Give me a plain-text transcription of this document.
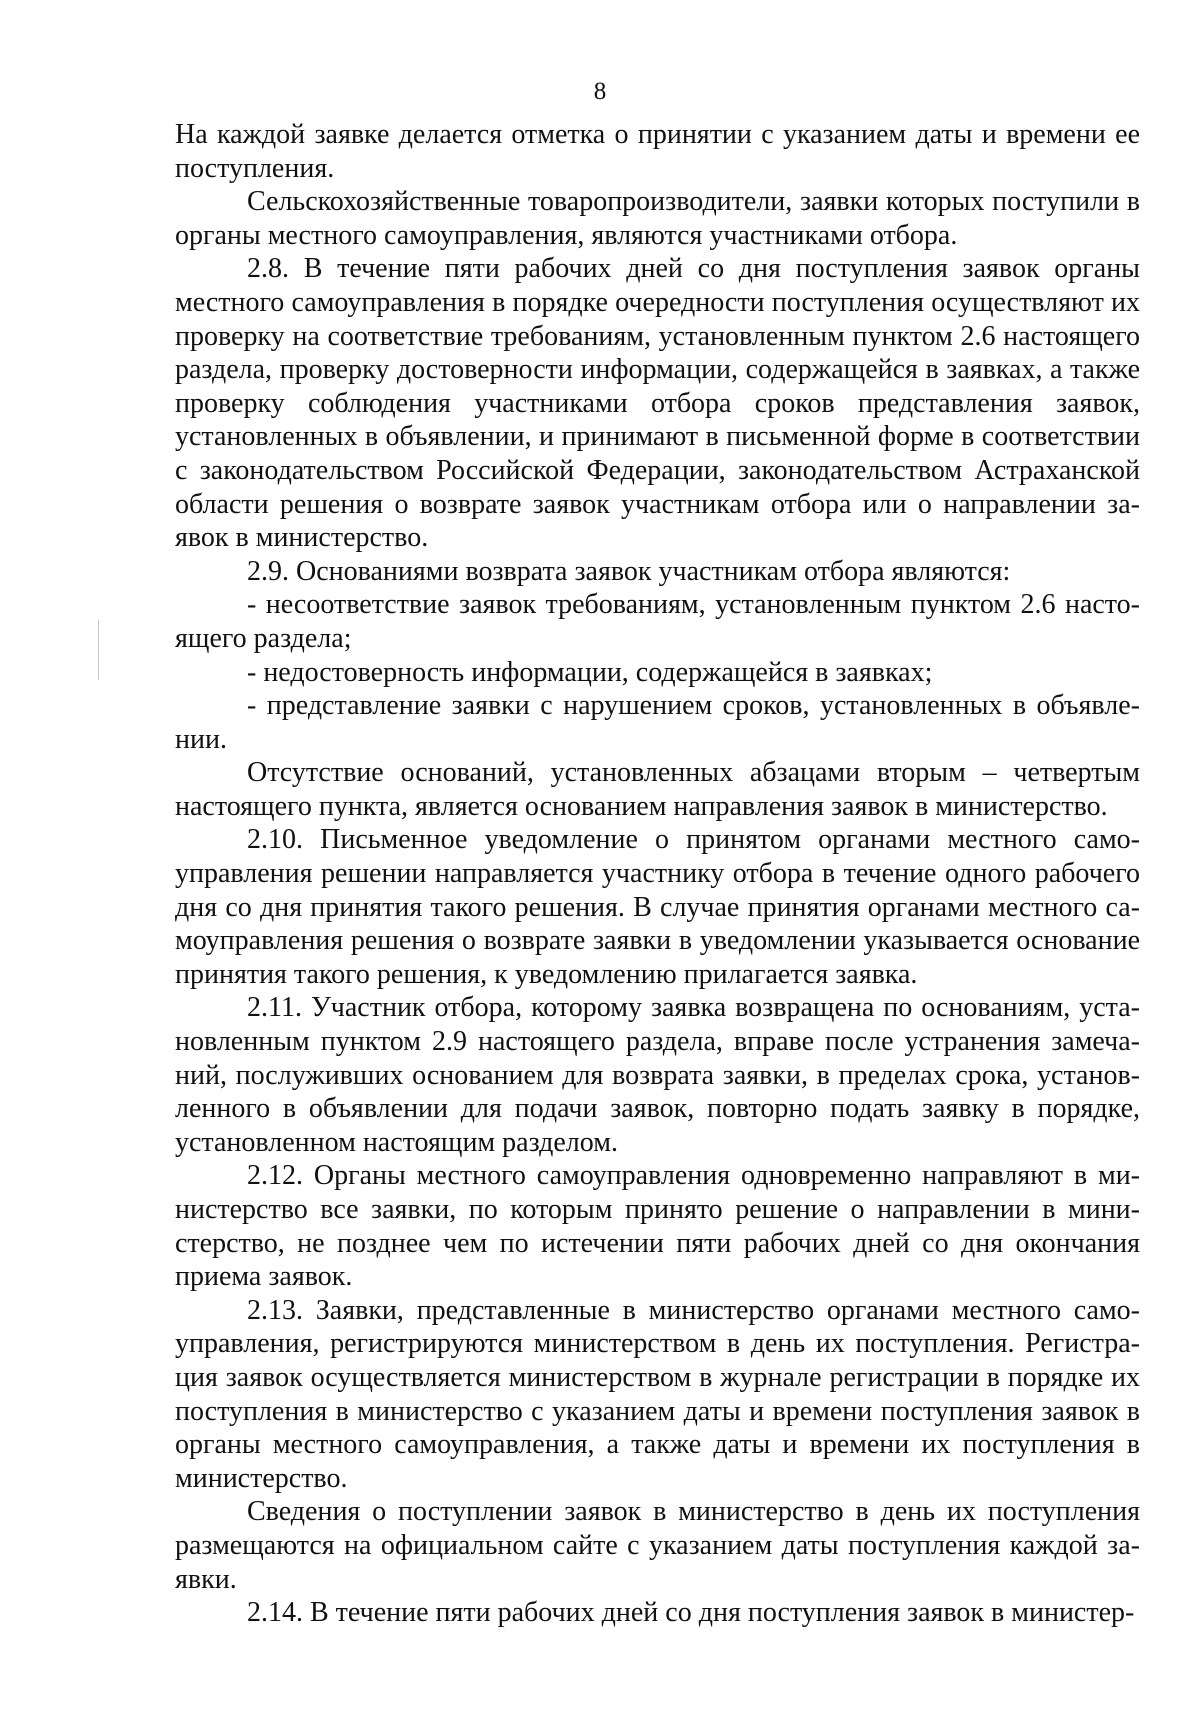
8

На каждой заявке делается отметка о принятии с указанием даты и времени ее поступления.

Сельскохозяйственные товаропроизводители, заявки которых поступили в органы местного самоуправления, являются участниками отбора.

2.8. В течение пяти рабочих дней со дня поступления заявок органы местного самоуправления в порядке очередности поступления осуществляют их проверку на соответствие требованиям, установленным пунктом 2.6 настоящего раздела, проверку достоверности информации, содержащейся в заявках, а также проверку соблюдения участниками отбора сроков представления заявок, установленных в объявлении, и принимают в письменной форме в соответствии с законодательством Российской Федерации, законодательством Астраханской области решения о возврате заявок участникам отбора или о направлении заявок в министерство.

2.9. Основаниями возврата заявок участникам отбора являются:

- несоответствие заявок требованиям, установленным пунктом 2.6 настоящего раздела;

- недостоверность информации, содержащейся в заявках;

- представление заявки с нарушением сроков, установленных в объявлении.

Отсутствие оснований, установленных абзацами вторым – четвертым настоящего пункта, является основанием направления заявок в министерство.

2.10. Письменное уведомление о принятом органами местного самоуправления решении направляется участнику отбора в течение одного рабочего дня со дня принятия такого решения. В случае принятия органами местного самоуправления решения о возврате заявки в уведомлении указывается основание принятия такого решения, к уведомлению прилагается заявка.

2.11. Участник отбора, которому заявка возвращена по основаниям, установленным пунктом 2.9 настоящего раздела, вправе после устранения замечаний, послуживших основанием для возврата заявки, в пределах срока, установленного в объявлении для подачи заявок, повторно подать заявку в порядке, установленном настоящим разделом.

2.12. Органы местного самоуправления одновременно направляют в министерство все заявки, по которым принято решение о направлении в министерство, не позднее чем по истечении пяти рабочих дней со дня окончания приема заявок.

2.13. Заявки, представленные в министерство органами местного самоуправления, регистрируются министерством в день их поступления. Регистрация заявок осуществляется министерством в журнале регистрации в порядке их поступления в министерство с указанием даты и времени поступления заявок в органы местного самоуправления, а также даты и времени их поступления в министерство.

Сведения о поступлении заявок в министерство в день их поступления размещаются на официальном сайте с указанием даты поступления каждой заявки.

2.14. В течение пяти рабочих дней со дня поступления заявок в министер-
